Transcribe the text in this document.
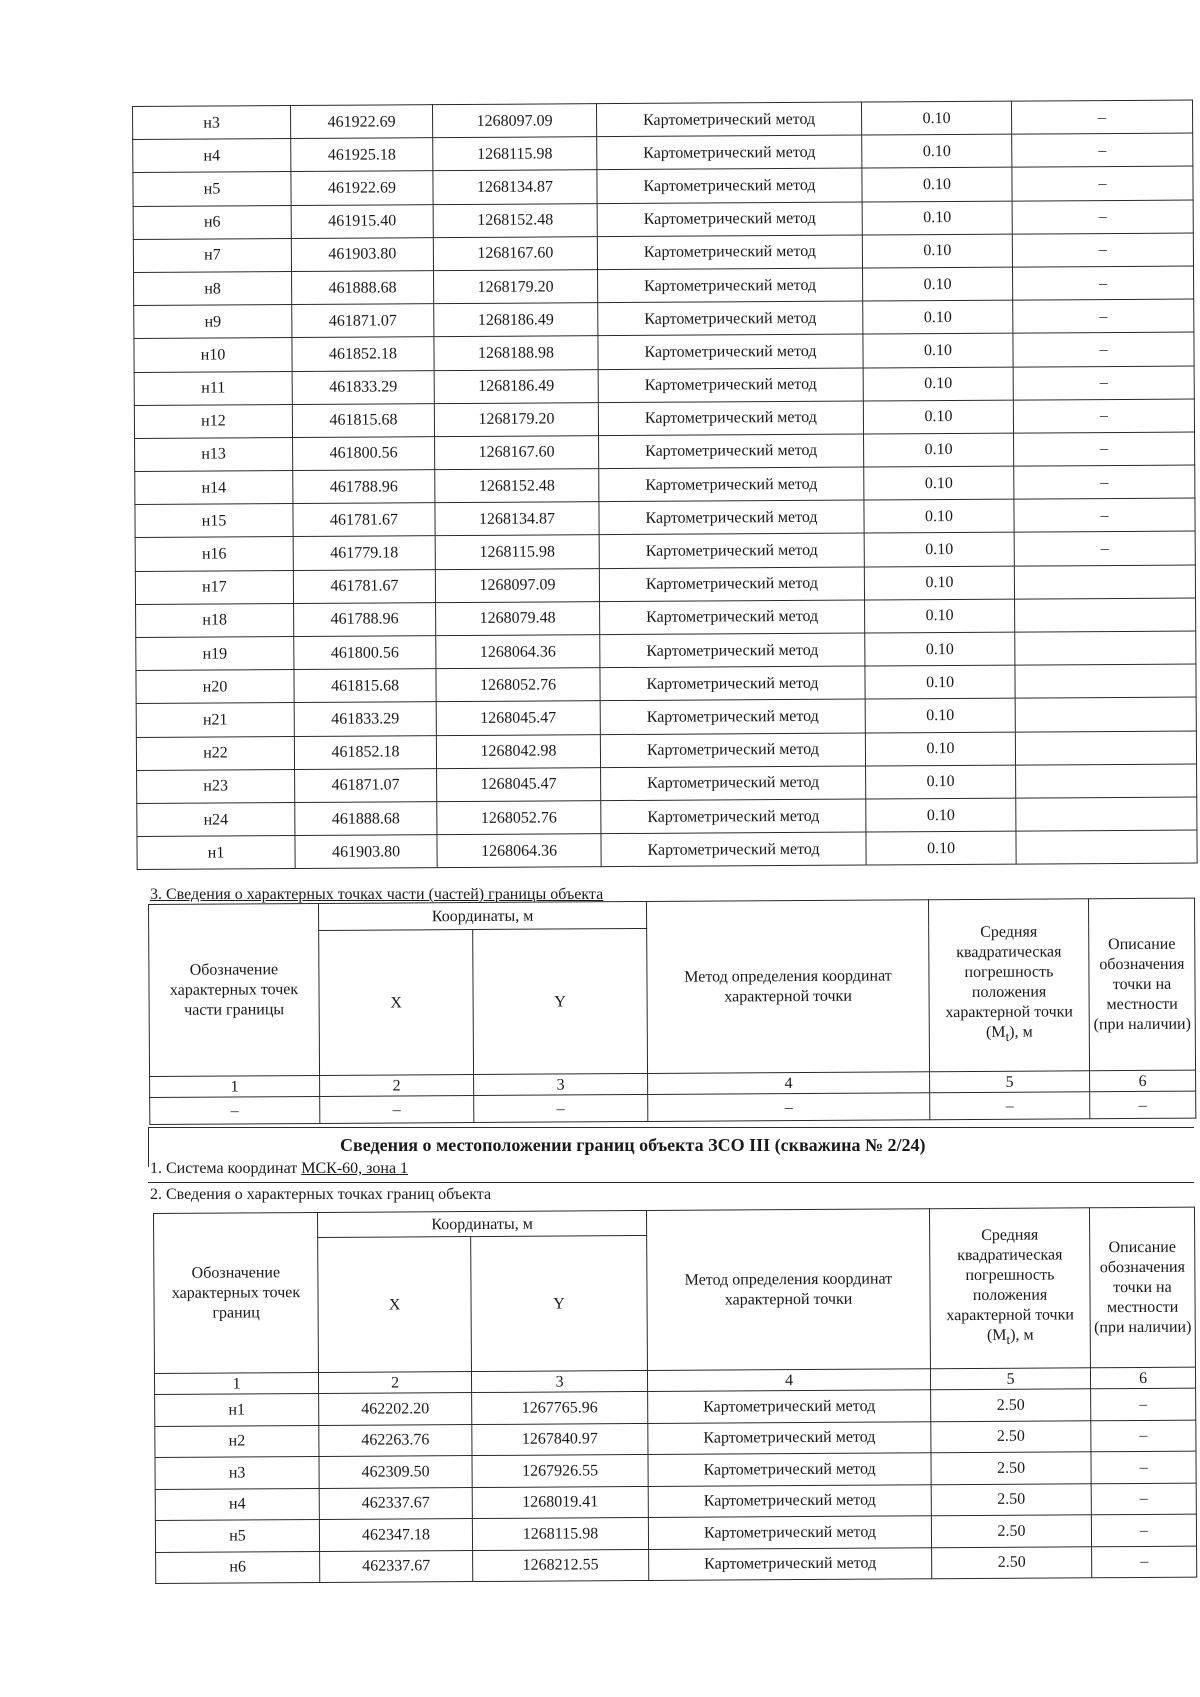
н3	461922.69	1268097.09	Картометрический метод	0.10	–
н4	461925.18	1268115.98	Картометрический метод	0.10	–
н5	461922.69	1268134.87	Картометрический метод	0.10	–
н6	461915.40	1268152.48	Картометрический метод	0.10	–
н7	461903.80	1268167.60	Картометрический метод	0.10	–
н8	461888.68	1268179.20	Картометрический метод	0.10	–
н9	461871.07	1268186.49	Картометрический метод	0.10	–
н10	461852.18	1268188.98	Картометрический метод	0.10	–
н11	461833.29	1268186.49	Картометрический метод	0.10	–
н12	461815.68	1268179.20	Картометрический метод	0.10	–
н13	461800.56	1268167.60	Картометрический метод	0.10	–
н14	461788.96	1268152.48	Картометрический метод	0.10	–
н15	461781.67	1268134.87	Картометрический метод	0.10	–
н16	461779.18	1268115.98	Картометрический метод	0.10	–
н17	461781.67	1268097.09	Картометрический метод	0.10	
н18	461788.96	1268079.48	Картометрический метод	0.10	
н19	461800.56	1268064.36	Картометрический метод	0.10	
н20	461815.68	1268052.76	Картометрический метод	0.10	
н21	461833.29	1268045.47	Картометрический метод	0.10	
н22	461852.18	1268042.98	Картометрический метод	0.10	
н23	461871.07	1268045.47	Картометрический метод	0.10	
н24	461888.68	1268052.76	Картометрический метод	0.10	
н1	461903.80	1268064.36	Картометрический метод	0.10	
3. Сведения о характерных точках части (частей) границы объекта
Обозначение характерных точек части границы	Координаты, м		Метод определения координат характерной точки	Средняя квадратическая погрешность положения характерной точки $(M_t)$, м	Описание обозначения точки на местности (при наличии)
	X	Y			
1	2	3	4	5	6
–	–	–	–	–	–
Сведения о местоположении границ объекта ЗСО III (скважина № 2/24)
1. Система координат МСК-60, зона 1
2. Сведения о характерных точках границ объекта
Обозначение характерных точек границ	Координаты, м		Метод определения координат характерной точки	Средняя квадратическая погрешность положения характерной точки $(M_t)$, м	Описание обозначения точки на местности (при наличии)
	X	Y			
1	2	3	4	5	6
н1	462202.20	1267765.96	Картометрический метод	2.50	–
н2	462263.76	1267840.97	Картометрический метод	2.50	–
н3	462309.50	1267926.55	Картометрический метод	2.50	–
н4	462337.67	1268019.41	Картометрический метод	2.50	–
н5	462347.18	1268115.98	Картометрический метод	2.50	–
н6	462337.67	1268212.55	Картометрический метод	2.50	–
